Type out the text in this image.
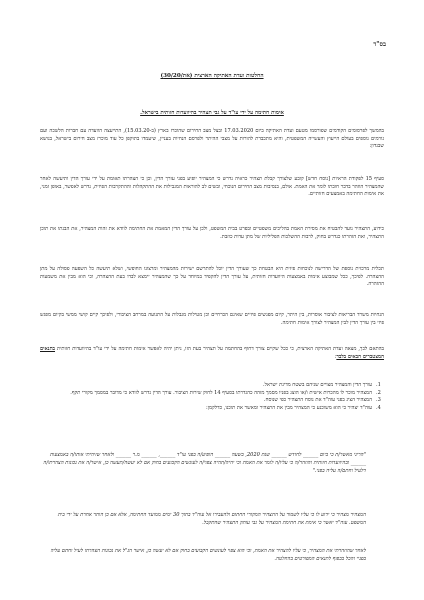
בס"ד
החלטות ועדת האתיקה הארצית (את/30/20)
אימות חתימה על ידי עו"ד על גבי תצהיר בהיוועדות חזותית בישראל.
בהמשך לפרסומים הקודמים שפורסמו מטעם ועדת האתיקה ביום 17.03.2020 ובצל מצב החירום שהוכרז בארץ (ב-15.03.20), התייעצה הוועדה עם חברות הלשכה ועם גורמים נוספים בעולם הייעוץ והעשייה המשפטית, והיא מתכבדת להורות על מצבי ההיתר ולפרסם הנחיות בעניין, שיעמדו בתוקפן כל עוד מוכרז מצב חירום בישראל, בנושא שבנדון:
סעיף 15 לפקודת הראיות [נוסח חדש] קובע שלצורך קבלת תצהיר כראיה נדרש כי המצהיר יופיע בפני עורך הדין, וכן כי הצהרתו תאומת על ידי עורך הדין ותיעשה לאחר שהמצהיר הוזהר בדבר חובתו לומר את האמת. אולם, בנסיבות מצב החירום הנוכחי, ובשים לב להוראות המגבילות את ההתקהלות וההתקרבות הפיזית, נדרש לאפשר, באופן זמני, את אימות החתימה באמצעים חזותיים.
כידוע, התצהיר נועד להבטיח את מסירת האמת בהליכים משפטיים ובפרט בבית המשפט, ולכן על עורך הדין המאמת את החתימה לוודא את זהות המצהיר, את הבנתו את תוכן התצהיר, ואת הזהרתו כנדרש בחוק, לרבות ההשלכות הפליליות של מתן עדות כוזבת.
תכלית מרכזית נוספת של הדרישה לנוכחות פיזית היא הבטחת כך שעורך הדין יוכל להתרשם ישירות מהמצהיר ומרצונו החופשי, ושלא תיעשה כל השפעה פסולה על מתן ההצהרה. לפיכך, ככל שמבוצע אימות באמצעות היוועדות חזותית, על עורך הדין להקפיד במיוחד על כך שהמצהיר יימצא לבדו בעת ההצהרה, וכי הוא מבין את משמעות ההזהרה.
הנחיות משרד הבריאות לציבור אוסרות, בין היתר, קיום מפגשים פיזיים שאינם הכרחיים וכן מטילות מגבלות על התנועה במרחב הציבורי, ולפיכך קיים קושי ממשי בקיום מפגש פיזי בין עורך הדין לבין המצהיר לצורך אימות חתימה.
בהתאם לכך, מצאה ועדת האתיקה הארצית, כי ככל שקיים צורך דחוף בהחתמה על תצהיר בעת הזו, ניתן יהיה לאפשר אימות חתימה על ידי עו"ד בהיוועדות חזותית בתנאים המצטברים הבאים בלבד:
1.
עורך הדין והמצהיר מצויים שניהם בשטח מדינת ישראל.
2.
המצהיר מוכר לו מהכרות אישית ו/או הוצג בפניו מסמך מזהה כהגדרתו בסעיף 14 לחוק שירות הציבור. עורך הדין נדרש לוודא כי מדובר במסמך מקורי תקף.
3.
המצהיר הציג בפני עוה"ד את נוסח התצהיר כפי שנוסח.
4.
עוה"ד יצהיר כי הוא משוכנע כי המצהיר מבין את התצהיר ומאשר את תוכנו, כדלקמן:
"הריני מאשר/ת כי ביום ______ לחודש ______ שנת 2020, בשעה ______ הופיע/ה בפני עו"ד ______, ______ מ.ר ______ ולאחר שזיהיתי אותו/ה באמצעות ______ ובהיוועדות חזותית והוזהר/ה כי עליו/ה לומר את האמת וכי יהיה/תהיה צפוי/ה לעונשים הקבועים בחוק אם לא יעשה/תעשה כן, אישר/ה את נכונות הצהרתו/ה דלעיל וחתם/ה עליה בפני."
המצהיר מצהיר כי ידוע לו כי עליו לשמור על התצהיר המקורי החתום ולהעבירו אל עוה"ד בתוך 30 ימים ממועד החתימה, אלא אם כן הותר אחרת על ידי בית המשפט. עוה"ד יאשר כי אימת את חתימת המצהיר על גבי עותק התצהיר שהתקבל.
לאחר שהוזהרתי את המצהיר, כי עליו להצהיר את האמת, וכי הוא צפוי לעונשים הקבועים בחוק אם לא יעשה כן, אישר הנ"ל את נכונות הצהרתו לעיל וחתם עליה בפניי והכל בכפוף לתנאים המפורטים בהחלטה.
